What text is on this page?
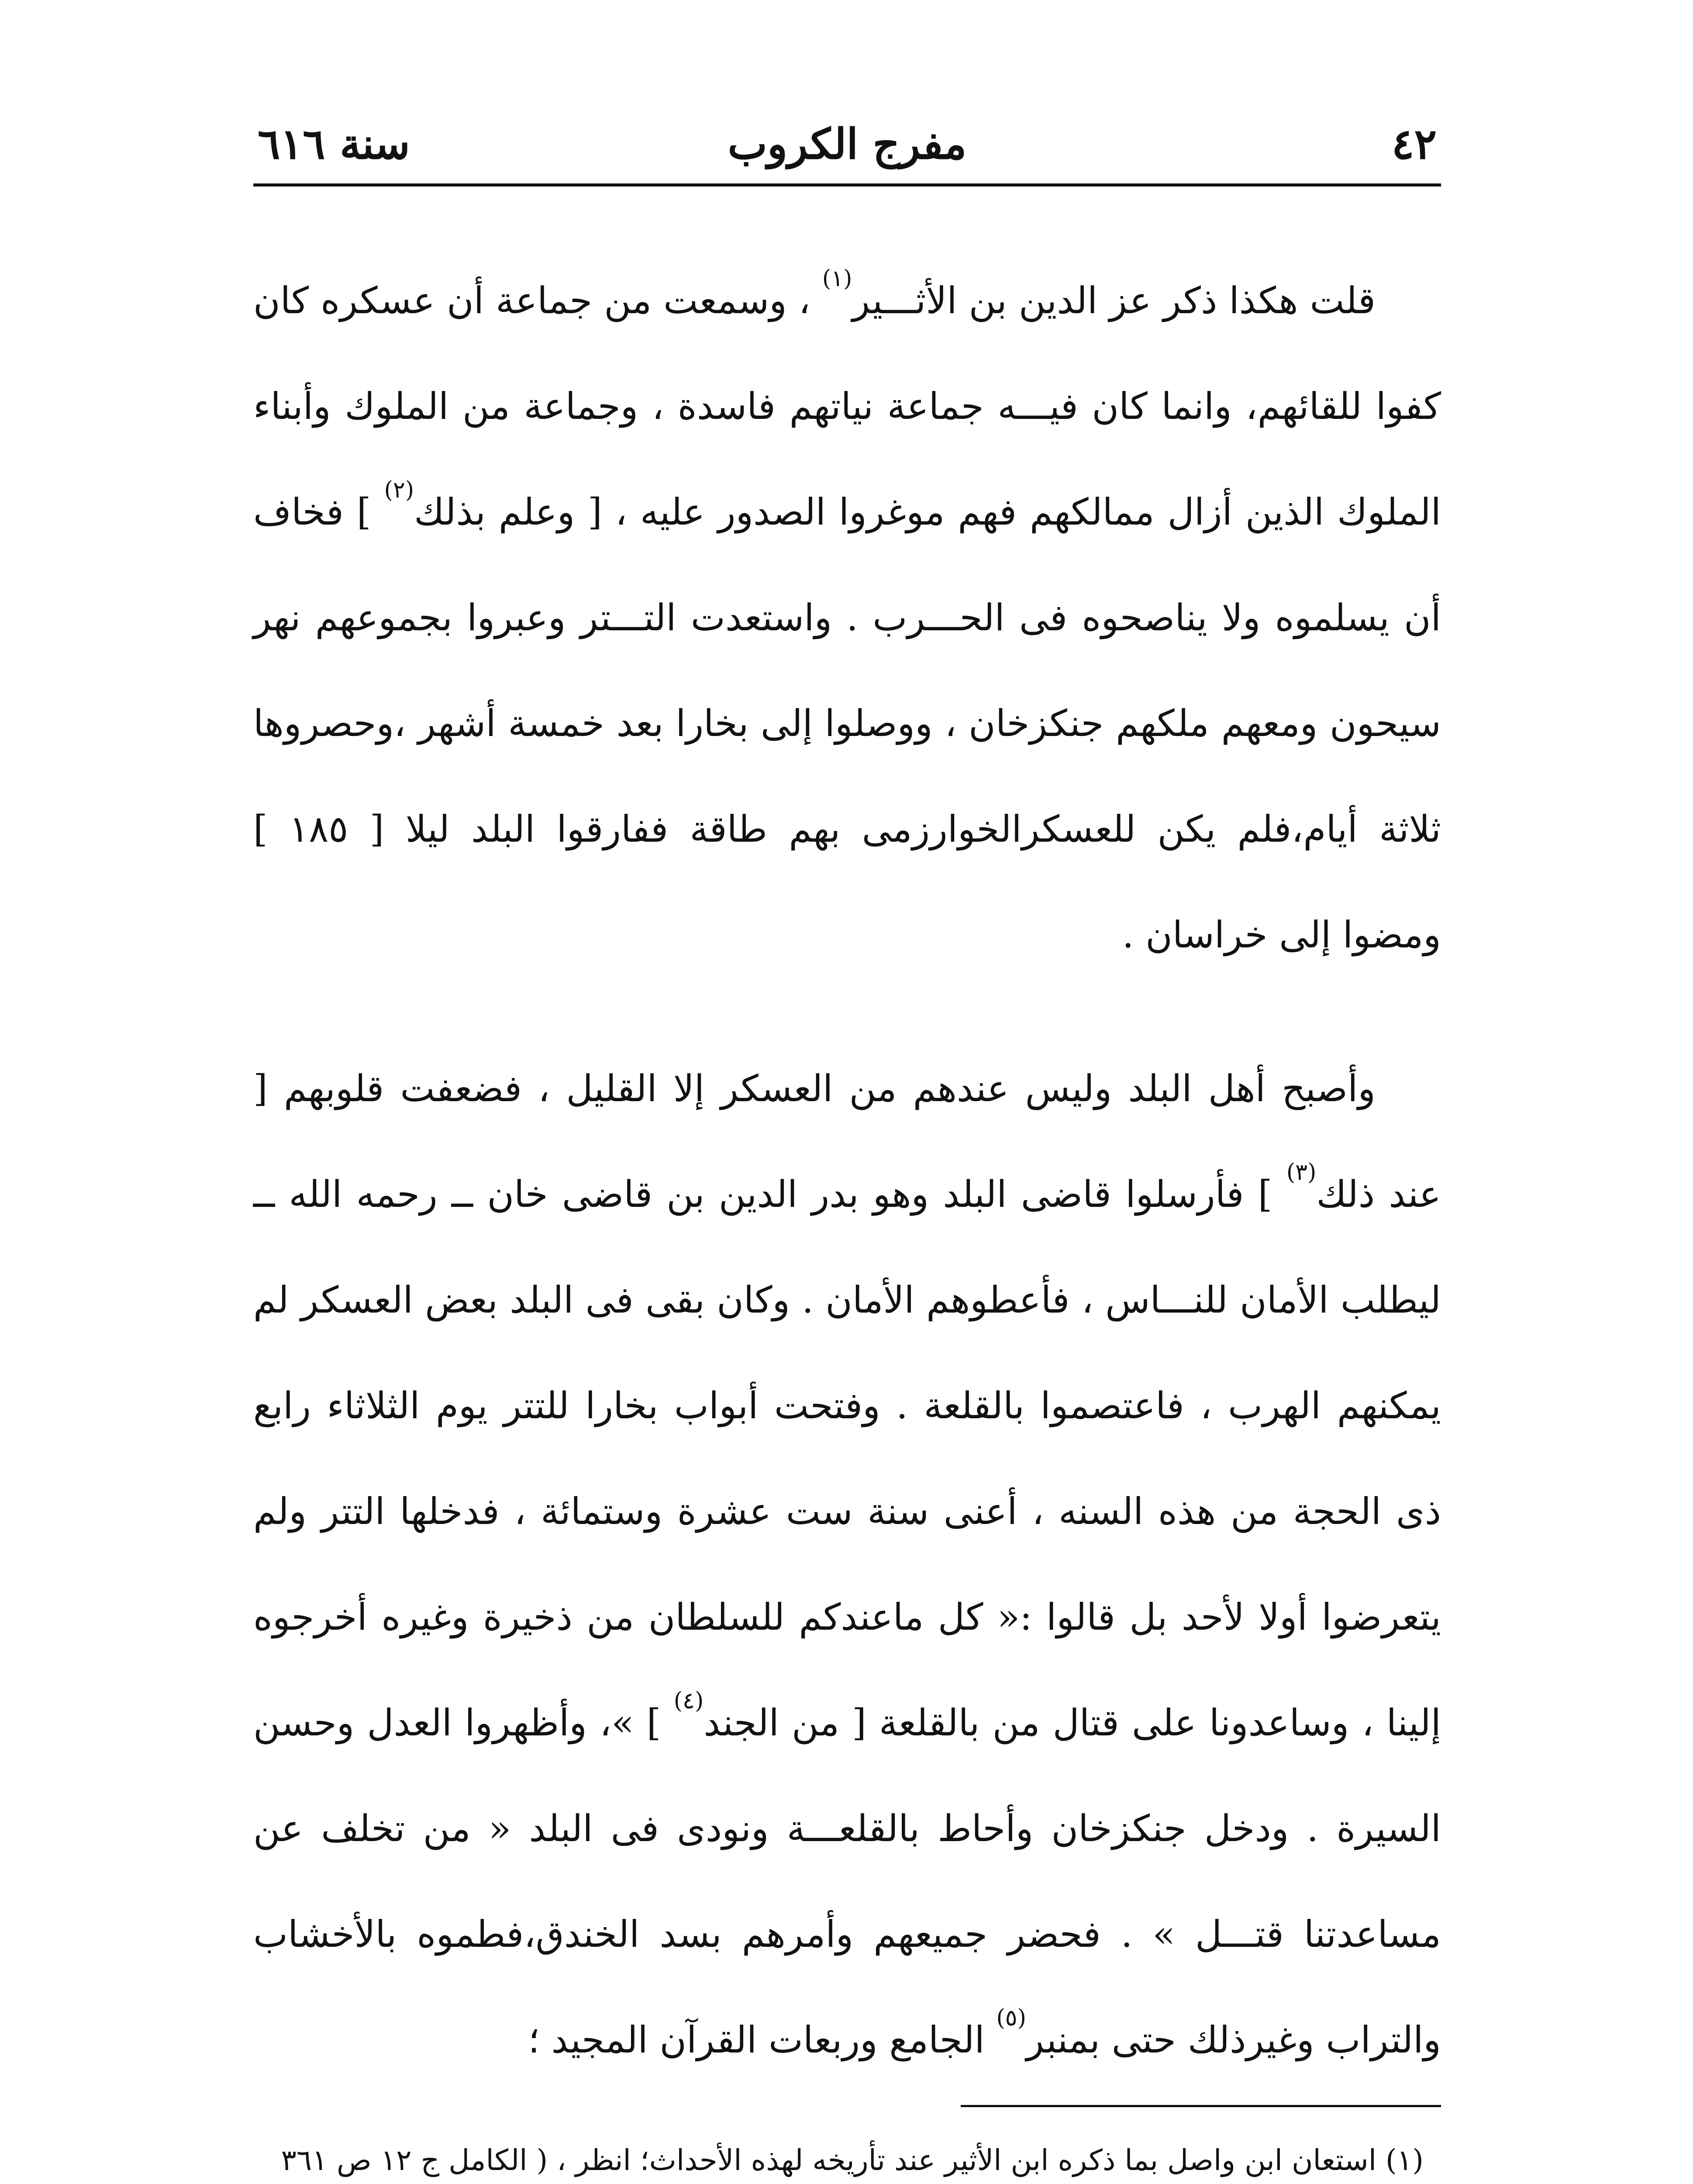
٤٢
مفرج الكروب
سنة ٦١٦

قلت هكذا ذكر عز الدين بن الأثـــير$^{(١)}$ ، وسمعت من جماعة أن عسكره كان كفوا للقائهم، وانما كان فيـــه جماعة نياتهم فاسدة ، وجماعة من الملوك وأبناء الملوك الذين أزال ممالكهم فهم موغروا الصدور عليه ، [ وعلم بذلك$^{(٢)}$ ] فخاف أن يسلموه ولا يناصحوه فى الحـــرب . واستعدت التـــتر وعبروا بجموعهم نهر سيحون ومعهم ملكهم جنكزخان ، ووصلوا إلى بخارا بعد خمسة أشهر ،وحصروها ثلاثة أيام،فلم يكن للعسكرالخوارزمى بهم طاقة ففارقوا البلد ليلا [ ١٨٥ ] ومضوا إلى خراسان .

وأصبح أهل البلد وليس عندهم من العسكر إلا القليل ، فضعفت قلوبهم [ عند ذلك$^{(٣)}$ ] فأرسلوا قاضى البلد وهو بدر الدين بن قاضى خان ــ رحمه الله ــ ليطلب الأمان للنـــاس ، فأعطوهم الأمان . وكان بقى فى البلد بعض العسكر لم يمكنهم الهرب ، فاعتصموا بالقلعة . وفتحت أبواب بخارا للتتر يوم الثلاثاء رابع ذى الحجة من هذه السنه ، أعنى سنة ست عشرة وستمائة ، فدخلها التتر ولم يتعرضوا أولا لأحد بل قالوا :« كل ماعندكم للسلطان من ذخيرة وغيره أخرجوه إلينا ، وساعدونا على قتال من بالقلعة [ من الجند$^{(٤)}$ ] »، وأظهروا العدل وحسن السيرة . ودخل جنكزخان وأحاط بالقلعـــة ونودى فى البلد « من تخلف عن مساعدتنا قتـــل » . فحضر جميعهم وأمرهم بسد الخندق،فطموه بالأخشاب والتراب وغيرذلك حتى بمنبر$^{(٥)}$ الجامع وربعات القرآن المجيد ؛

(١) استعان ابن واصل بما ذكره ابن الأثير عند تأريخه لهذه الأحداث؛ انظر ، ( الكامل ج ١٢ ص ٣٦١
